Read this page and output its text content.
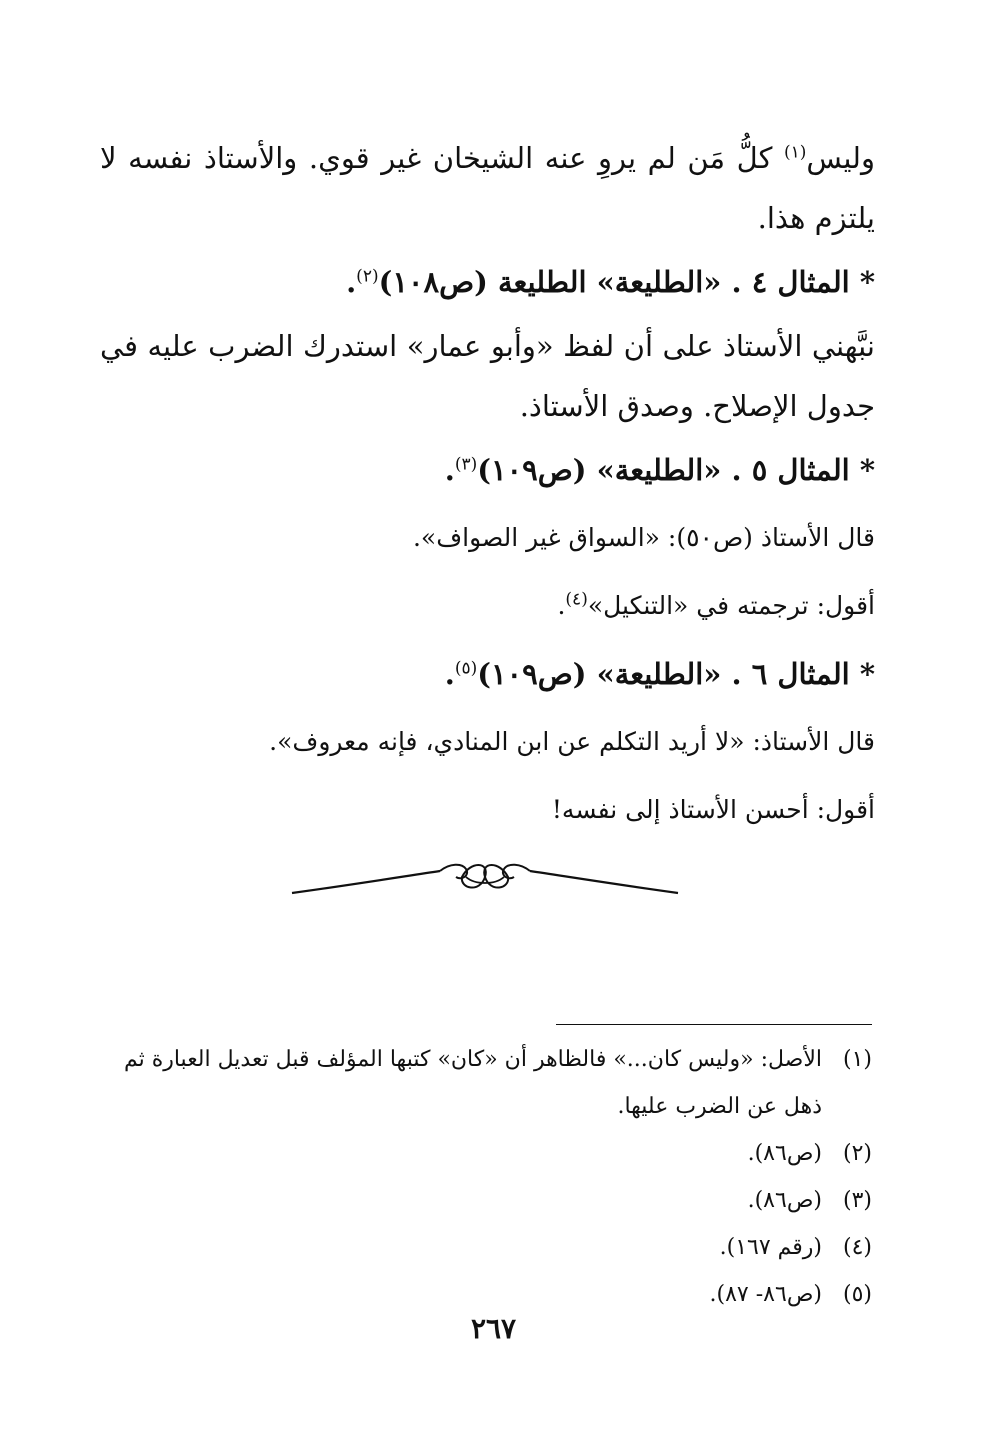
وليس$^{(١)}$ كلُّ مَن لم يروِ عنه الشيخان غير قوي. والأستاذ نفسه لا يلتزم هذا.

* المثال ٤ . «الطليعة» الطليعة (ص١٠٨)$^{(٢)}$.

نبَّهني الأستاذ على أن لفظ «وأبو عمار» استدرك الضرب عليه في جدول الإصلاح. وصدق الأستاذ.

* المثال ٥ . «الطليعة» (ص١٠٩)$^{(٣)}$.

قال الأستاذ (ص٥٠): «السواق غير الصواف».

أقول: ترجمته في «التنكيل»$^{(٤)}$.

* المثال ٦ . «الطليعة» (ص١٠٩)$^{(٥)}$.

قال الأستاذ: «لا أريد التكلم عن ابن المنادي، فإنه معروف».

أقول: أحسن الأستاذ إلى نفسه!

(١)
الأصل: «وليس كان...» فالظاهر أن «كان» كتبها المؤلف قبل تعديل العبارة ثم ذهل عن الضرب عليها.

(٢)
(ص٨٦).

(٣)
(ص٨٦).

(٤)
(رقم ١٦٧).

(٥)
(ص٨٦- ٨٧).

٢٦٧
